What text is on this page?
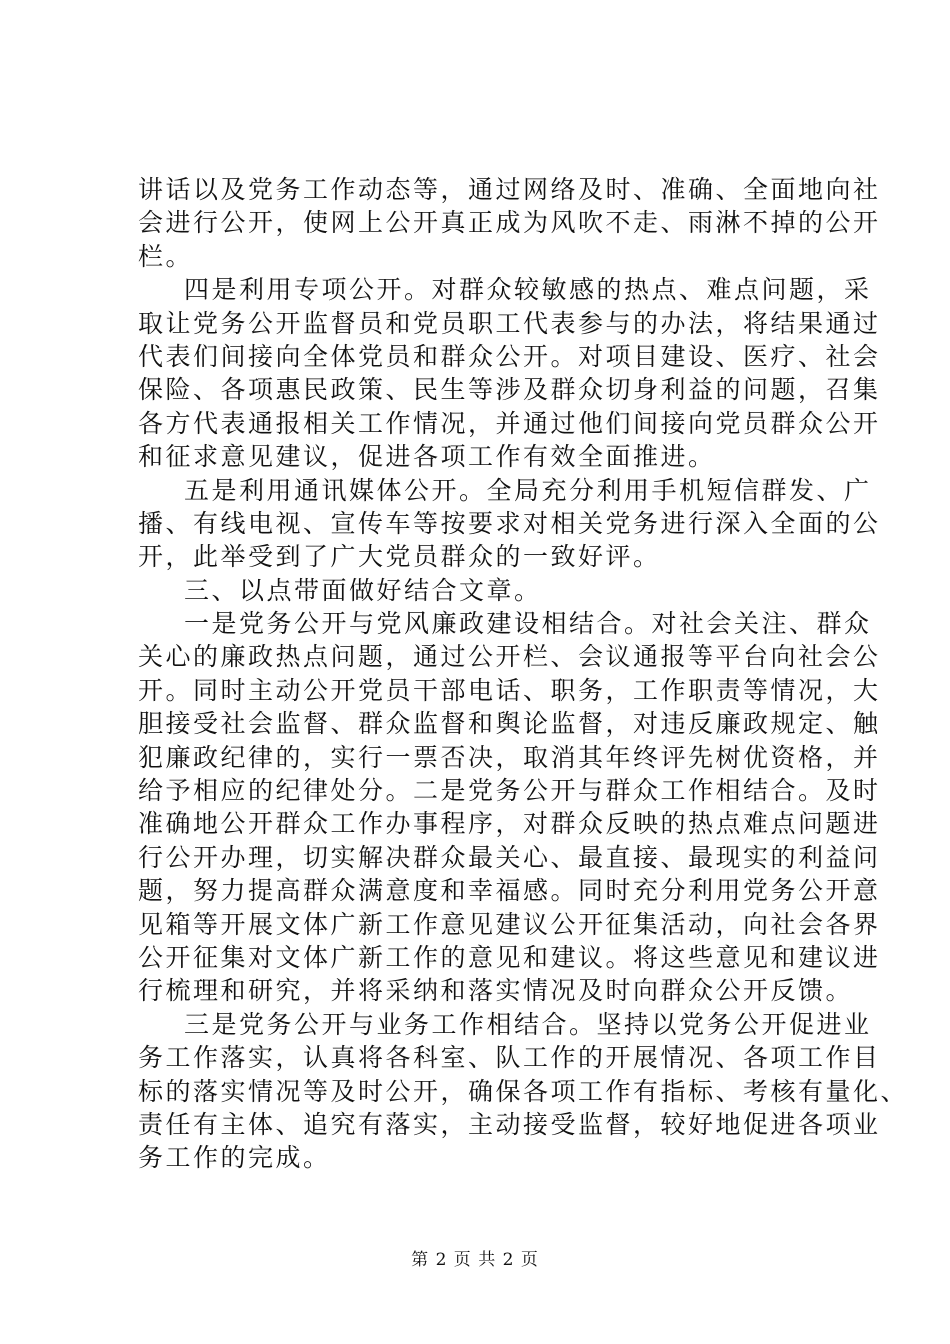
讲话以及党务工作动态等，通过网络及时、准确、全面地向社
会进行公开，使网上公开真正成为风吹不走、雨淋不掉的公开
栏。
四是利用专项公开。对群众较敏感的热点、难点问题，采
取让党务公开监督员和党员职工代表参与的办法，将结果通过
代表们间接向全体党员和群众公开。对项目建设、医疗、社会
保险、各项惠民政策、民生等涉及群众切身利益的问题，召集
各方代表通报相关工作情况，并通过他们间接向党员群众公开
和征求意见建议，促进各项工作有效全面推进。
五是利用通讯媒体公开。全局充分利用手机短信群发、广
播、有线电视、宣传车等按要求对相关党务进行深入全面的公
开，此举受到了广大党员群众的一致好评。
三、以点带面做好结合文章。
一是党务公开与党风廉政建设相结合。对社会关注、群众
关心的廉政热点问题，通过公开栏、会议通报等平台向社会公
开。同时主动公开党员干部电话、职务，工作职责等情况，大
胆接受社会监督、群众监督和舆论监督，对违反廉政规定、触
犯廉政纪律的，实行一票否决，取消其年终评先树优资格，并
给予相应的纪律处分。二是党务公开与群众工作相结合。及时
准确地公开群众工作办事程序，对群众反映的热点难点问题进
行公开办理，切实解决群众最关心、最直接、最现实的利益问
题，努力提高群众满意度和幸福感。同时充分利用党务公开意
见箱等开展文体广新工作意见建议公开征集活动，向社会各界
公开征集对文体广新工作的意见和建议。将这些意见和建议进
行梳理和研究，并将采纳和落实情况及时向群众公开反馈。
三是党务公开与业务工作相结合。坚持以党务公开促进业
务工作落实，认真将各科室、队工作的开展情况、各项工作目
标的落实情况等及时公开，确保各项工作有指标、考核有量化、
责任有主体、追究有落实，主动接受监督，较好地促进各项业
务工作的完成。
第 2 页 共 2 页
